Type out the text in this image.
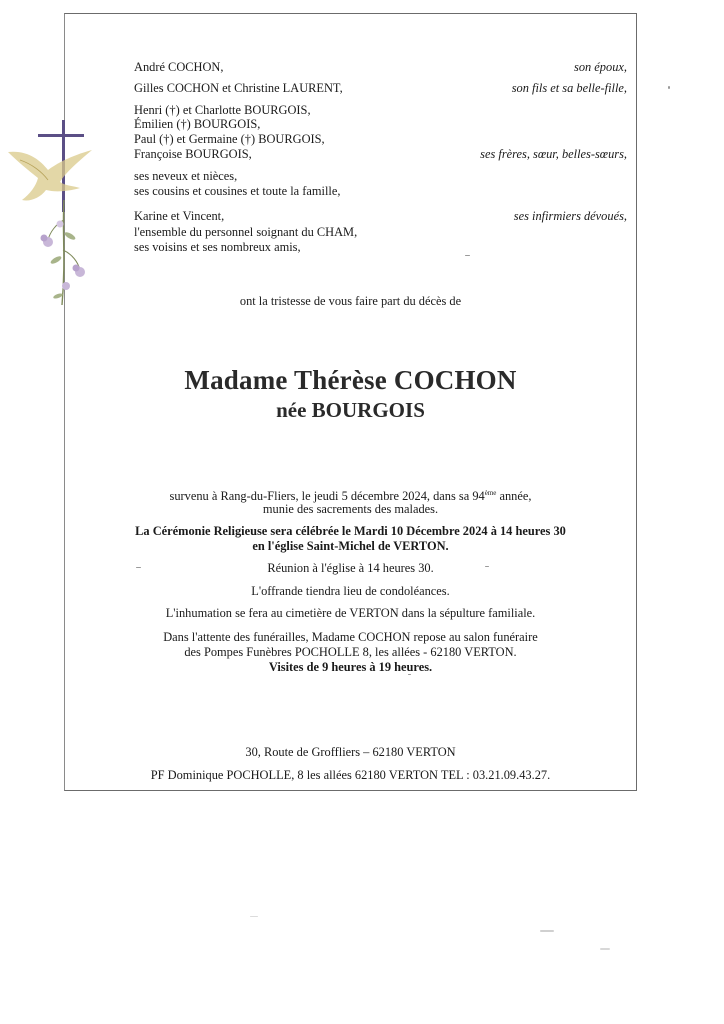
André COCHON,	son époux,
Gilles COCHON et Christine LAURENT,	son fils et sa belle-fille,
Henri (†) et Charlotte BOURGOIS,
Émilien (†) BOURGOIS,
Paul (†) et Germaine (†) BOURGOIS,
Françoise BOURGOIS,	ses frères, sœur, belles-sœurs,
ses neveux et nièces,
ses cousins et cousines et toute la famille,
Karine et Vincent,	ses infirmiers dévoués,
l'ensemble du personnel soignant du CHAM,
ses voisins et ses nombreux amis,
ont la tristesse de vous faire part du décès de
Madame Thérèse COCHON
née BOURGOIS
survenu à Rang-du-Fliers, le jeudi 5 décembre 2024, dans sa 94ème année,
munie des sacrements des malades.
La Cérémonie Religieuse sera célébrée le Mardi 10 Décembre 2024 à 14 heures 30
en l'église Saint-Michel de VERTON.
Réunion à l'église à 14 heures 30.
L'offrande tiendra lieu de condoléances.
L'inhumation se fera au cimetière de VERTON dans la sépulture familiale.
Dans l'attente des funérailles, Madame COCHON repose au salon funéraire
des Pompes Funèbres POCHOLLE 8, les allées - 62180 VERTON.
Visites de 9 heures à 19 heures.
30, Route de Groffliers – 62180 VERTON
PF Dominique POCHOLLE, 8 les allées 62180 VERTON TEL : 03.21.09.43.27.
